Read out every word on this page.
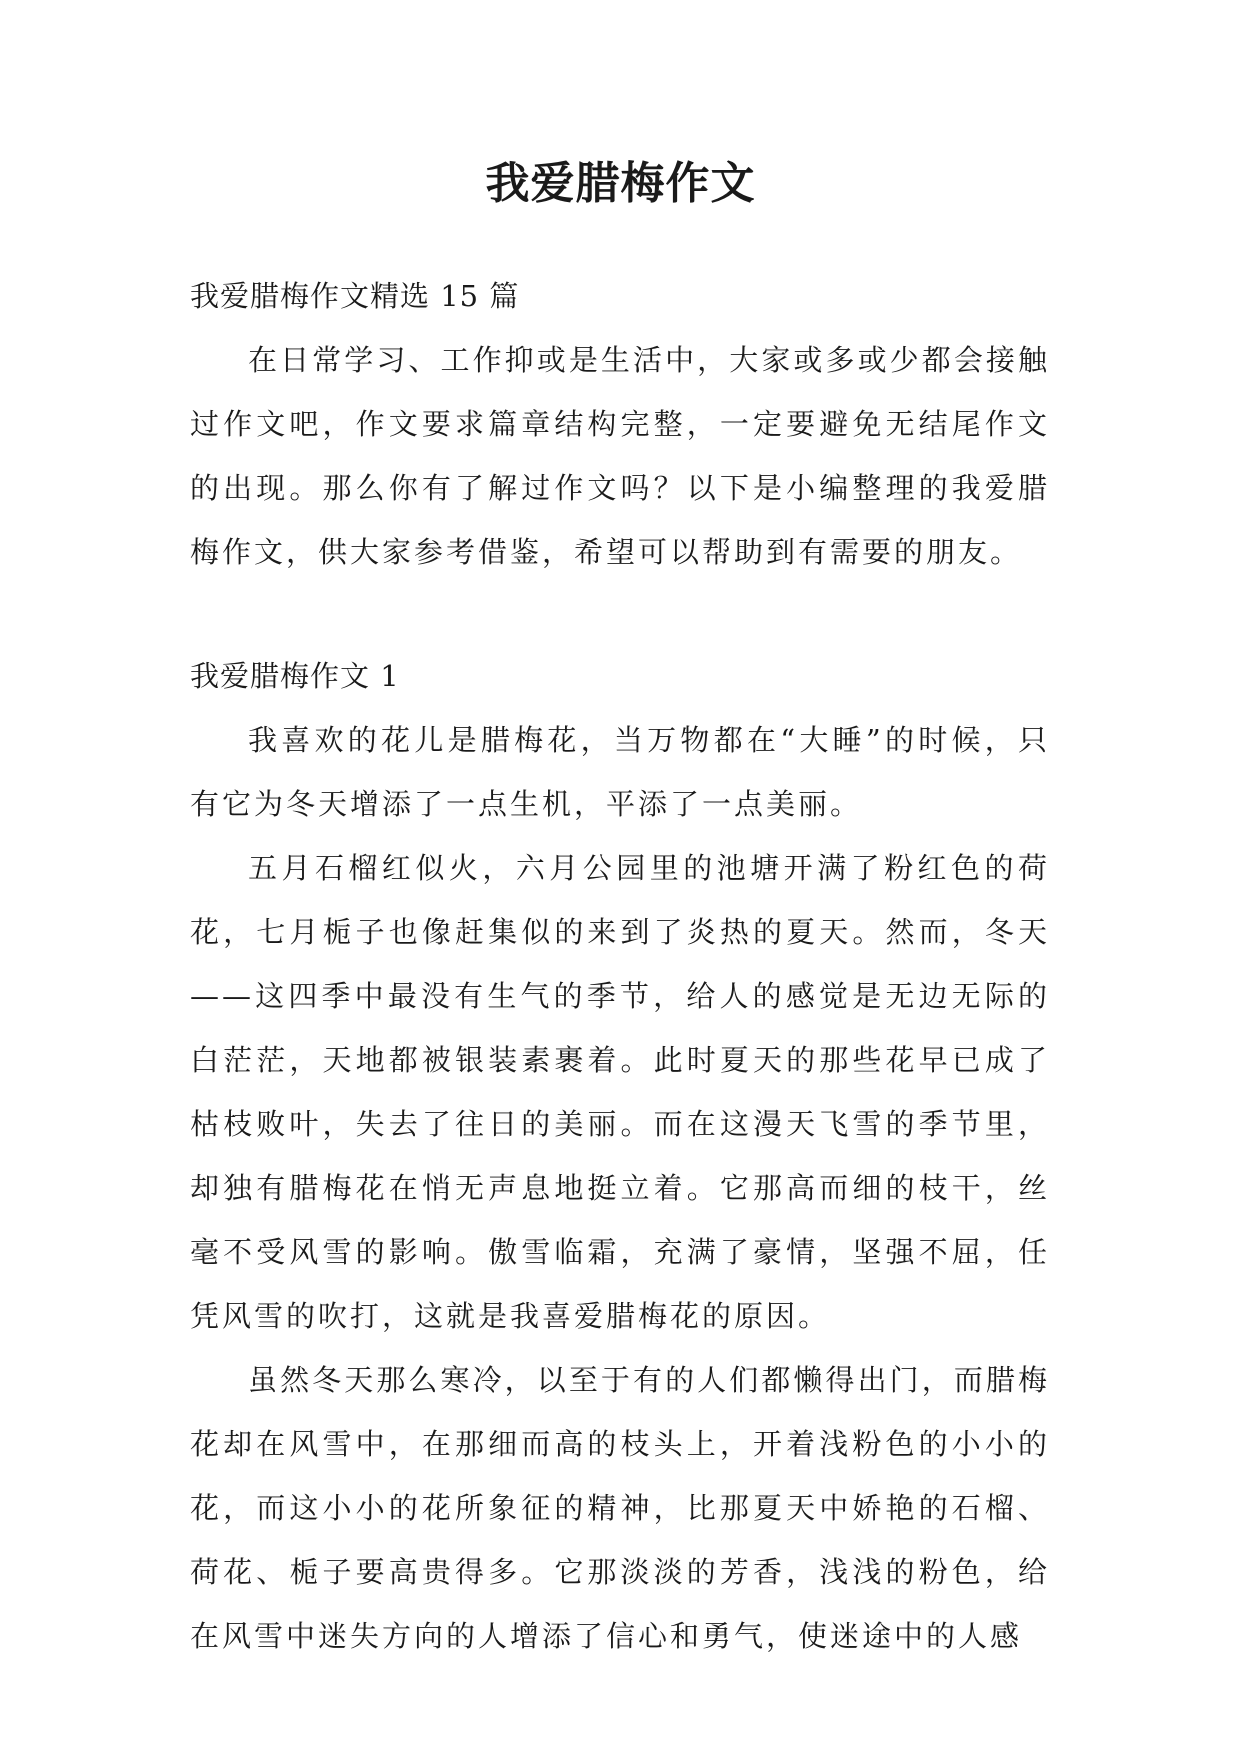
我爱腊梅作文

我爱腊梅作文精选 15 篇

在日常学习、工作抑或是生活中，大家或多或少都会接触过作文吧，作文要求篇章结构完整，一定要避免无结尾作文的出现。那么你有了解过作文吗？以下是小编整理的我爱腊梅作文，供大家参考借鉴，希望可以帮助到有需要的朋友。

我爱腊梅作文 1

我喜欢的花儿是腊梅花，当万物都在“大睡”的时候，只有它为冬天增添了一点生机，平添了一点美丽。

五月石榴红似火，六月公园里的池塘开满了粉红色的荷花，七月栀子也像赶集似的来到了炎热的夏天。然而，冬天——这四季中最没有生气的季节，给人的感觉是无边无际的白茫茫，天地都被银装素裹着。此时夏天的那些花早已成了枯枝败叶，失去了往日的美丽。而在这漫天飞雪的季节里，却独有腊梅花在悄无声息地挺立着。它那高而细的枝干，丝毫不受风雪的影响。傲雪临霜，充满了豪情，坚强不屈，任凭风雪的吹打，这就是我喜爱腊梅花的原因。

虽然冬天那么寒冷，以至于有的人们都懒得出门，而腊梅花却在风雪中，在那细而高的枝头上，开着浅粉色的小小的花，而这小小的花所象征的精神，比那夏天中娇艳的石榴、荷花、栀子要高贵得多。它那淡淡的芳香，浅浅的粉色，给在风雪中迷失方向的人增添了信心和勇气，使迷途中的人感
